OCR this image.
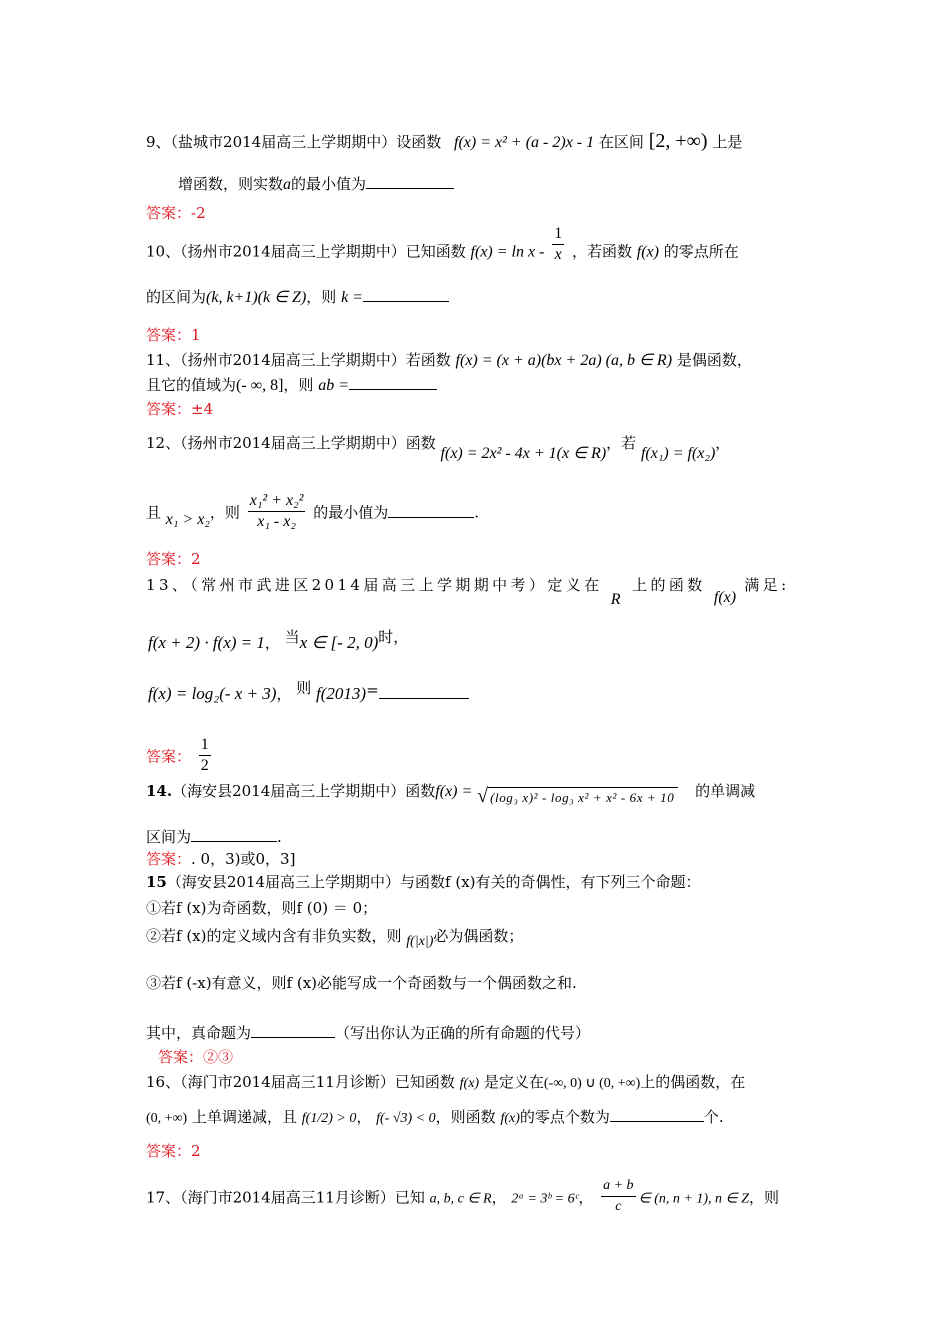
9、（盐城市2014届高三上学期期中）设函数 f(x) = x² + (a - 2)x - 1 在区间 [2, +∞) 上是
增函数，则实数a的最小值为
答案：-2
10、（扬州市2014届高三上学期期中）已知函数 $f(x) = \ln x - \frac{1}{x}$ ，若函数 f(x) 的零点所在
的区间为(k, k+1)(k ∈ Z)，则 k =
答案：1
11、（扬州市2014届高三上学期期中）若函数 f(x) = (x + a)(bx + 2a) (a, b ∈ R) 是偶函数，
且它的值域为(- ∞, 8]，则 ab =
答案：±4
12、（扬州市2014届高三上学期期中）函数 f(x) = 2x² - 4x + 1(x ∈ R)，若 f(x₁) = f(x₂)，
且 x₁ > x₂，则 $\frac{\text{x₁² + x₂²}}{\text{x₁ - x₂}}$ 的最小值为	.
答案：2
13、（常州市武进区2014届高三上学期期中考）定义在 R 上的函数 f(x) 满足:
f(x + 2) · f(x) = 1， 当x ∈ [- 2, 0)时，
f(x) = log₂(- x + 3)， 则 f(2013)=
答案： $\frac{1}{2}$
14.（海安县2014届高三上学期期中）函数f(x) = √ (log₃ x)² - log₃ x² + x² - 6x + 10 的单调减
区间为	.
答案：. 0，3)或0，3]
15（海安县2014届高三上学期期中）与函数f (x)有关的奇偶性，有下列三个命题：
①若f (x)为奇函数，则f (0) ＝ 0；
②若f (x)的定义域内含有非负实数，则 f(|x|)必为偶函数；
③若f (-x)有意义，则f (x)必能写成一个奇函数与一个偶函数之和.
其中，真命题为	（写出你认为正确的所有命题的代号）
答案：②③
16、（海门市2014届高三11月诊断）已知函数 f(x) 是定义在(-∞, 0) ∪ (0, +∞)上的偶函数，在
(0, +∞) 上单调递减，且 f(1/2) > 0， f(- √3) < 0，则函数 f(x)的零点个数为	个.
答案：2
17、（海门市2014届高三11月诊断）已知 a, b, c ∈ R， 2ᵃ = 3ᵇ = 6ᶜ， $\frac{a + b}{c}$ ∈ (n, n + 1), n ∈ Z，则
